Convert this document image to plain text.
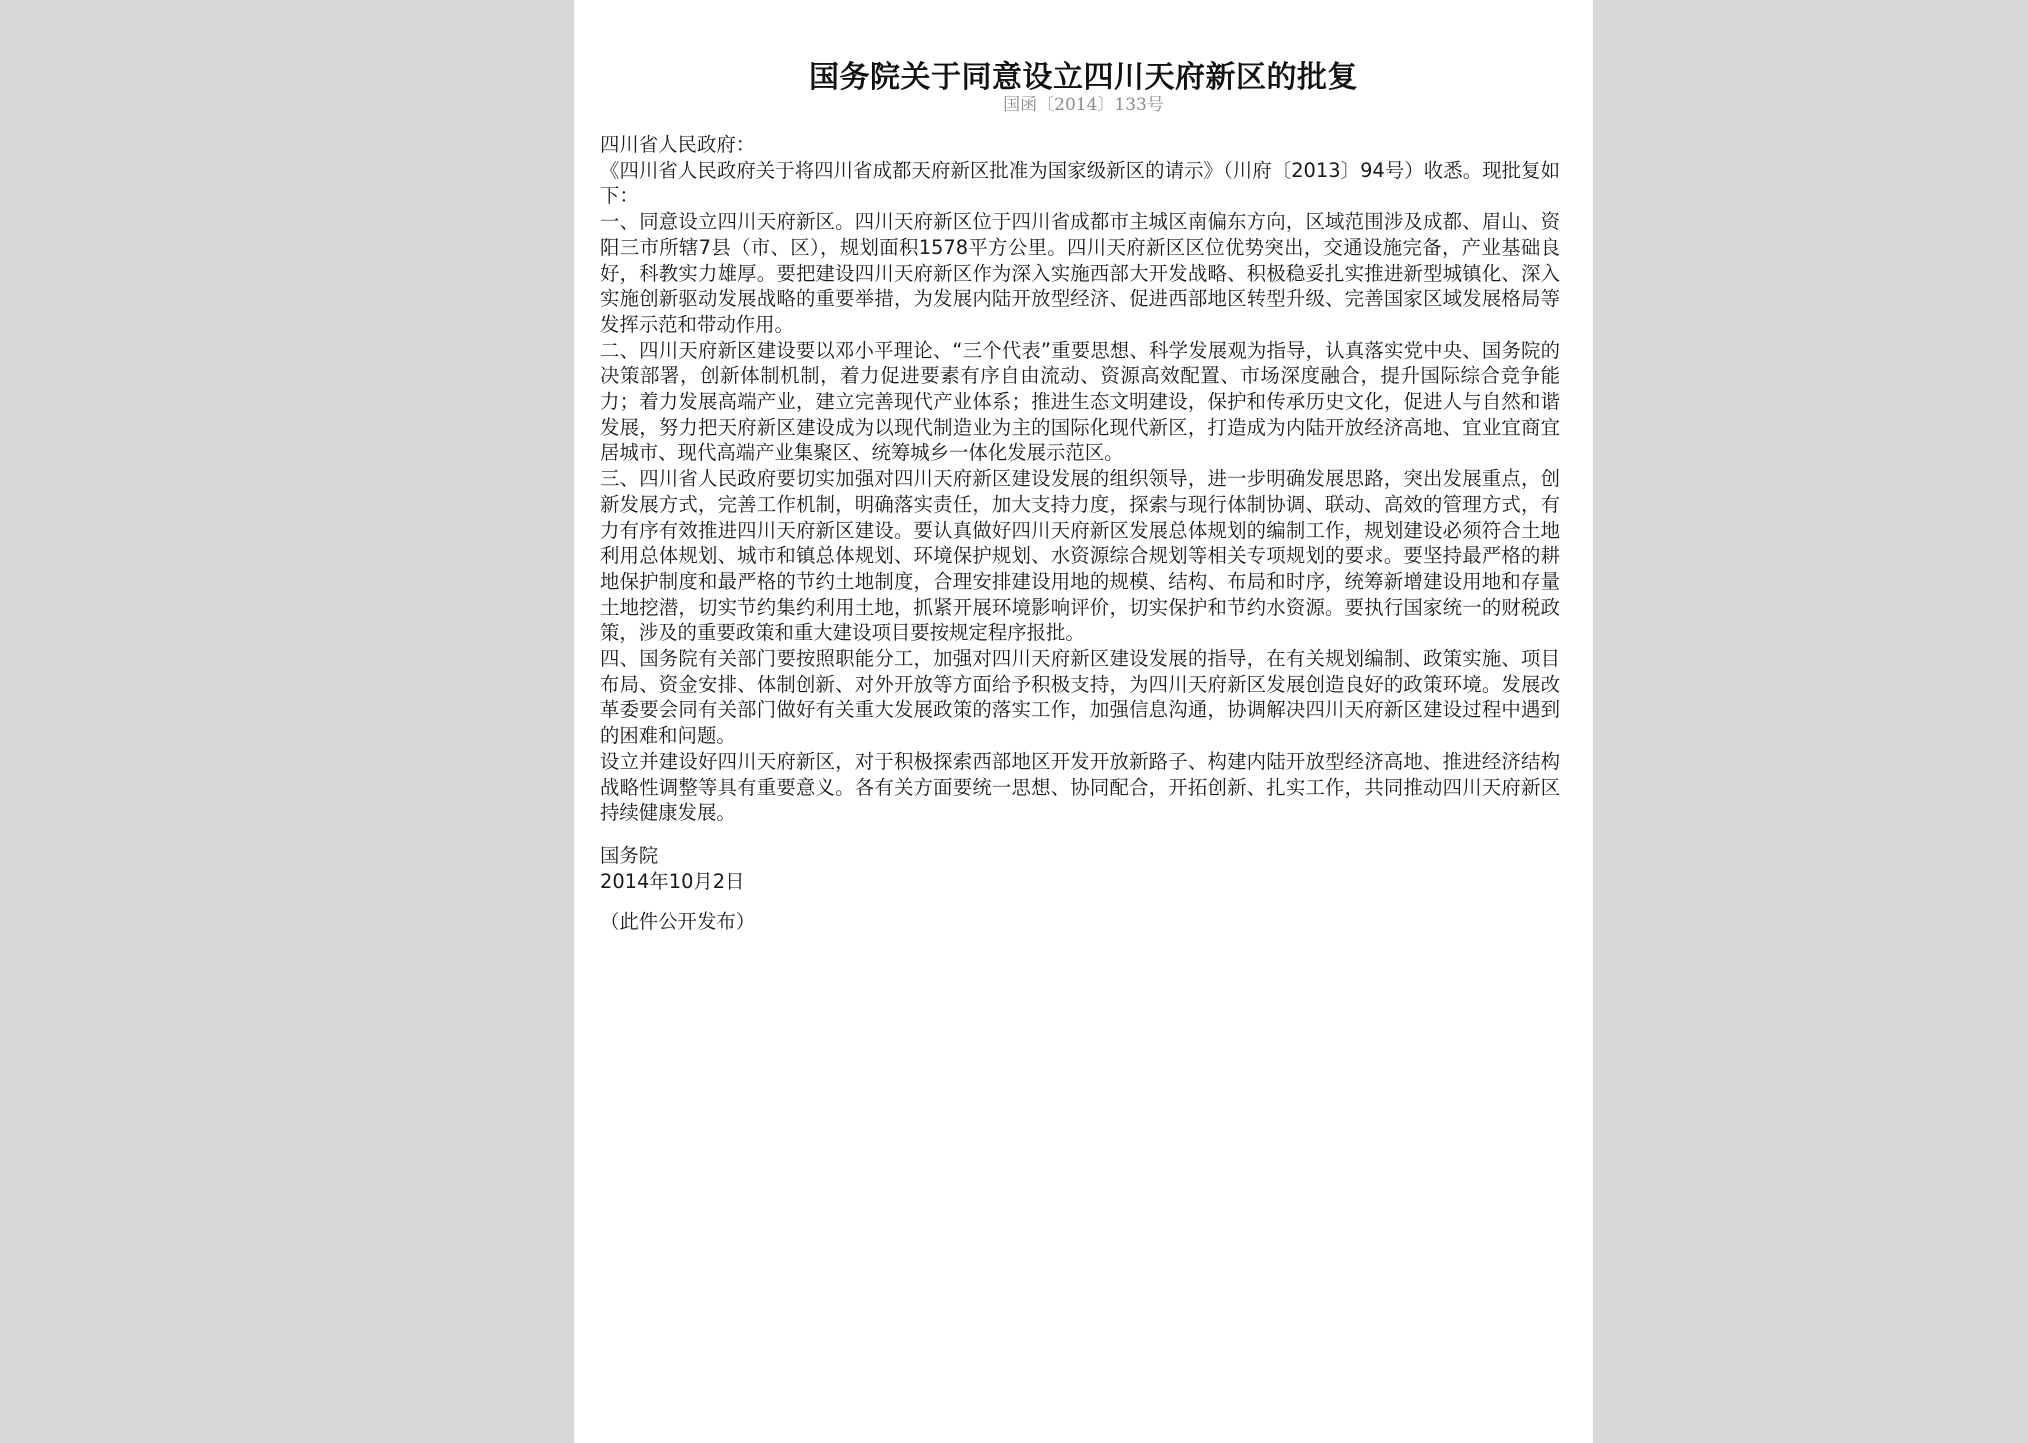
国务院关于同意设立四川天府新区的批复
国函〔2014〕133号

四川省人民政府：

《四川省人民政府关于将四川省成都天府新区批准为国家级新区的请示》（川府〔2013〕94号）收悉。现批复如下：

一、同意设立四川天府新区。四川天府新区位于四川省成都市主城区南偏东方向，区域范围涉及成都、眉山、资阳三市所辖7县（市、区），规划面积1578平方公里。四川天府新区区位优势突出，交通设施完备，产业基础良好，科教实力雄厚。要把建设四川天府新区作为深入实施西部大开发战略、积极稳妥扎实推进新型城镇化、深入实施创新驱动发展战略的重要举措，为发展内陆开放型经济、促进西部地区转型升级、完善国家区域发展格局等发挥示范和带动作用。

二、四川天府新区建设要以邓小平理论、“三个代表”重要思想、科学发展观为指导，认真落实党中央、国务院的决策部署，创新体制机制，着力促进要素有序自由流动、资源高效配置、市场深度融合，提升国际综合竞争能力；着力发展高端产业，建立完善现代产业体系；推进生态文明建设，保护和传承历史文化，促进人与自然和谐发展，努力把天府新区建设成为以现代制造业为主的国际化现代新区，打造成为内陆开放经济高地、宜业宜商宜居城市、现代高端产业集聚区、统筹城乡一体化发展示范区。

三、四川省人民政府要切实加强对四川天府新区建设发展的组织领导，进一步明确发展思路，突出发展重点，创新发展方式，完善工作机制，明确落实责任，加大支持力度，探索与现行体制协调、联动、高效的管理方式，有力有序有效推进四川天府新区建设。要认真做好四川天府新区发展总体规划的编制工作，规划建设必须符合土地利用总体规划、城市和镇总体规划、环境保护规划、水资源综合规划等相关专项规划的要求。要坚持最严格的耕地保护制度和最严格的节约土地制度，合理安排建设用地的规模、结构、布局和时序，统筹新增建设用地和存量土地挖潜，切实节约集约利用土地，抓紧开展环境影响评价，切实保护和节约水资源。要执行国家统一的财税政策，涉及的重要政策和重大建设项目要按规定程序报批。

四、国务院有关部门要按照职能分工，加强对四川天府新区建设发展的指导，在有关规划编制、政策实施、项目布局、资金安排、体制创新、对外开放等方面给予积极支持，为四川天府新区发展创造良好的政策环境。发展改革委要会同有关部门做好有关重大发展政策的落实工作，加强信息沟通，协调解决四川天府新区建设过程中遇到的困难和问题。

设立并建设好四川天府新区，对于积极探索西部地区开发开放新路子、构建内陆开放型经济高地、推进经济结构战略性调整等具有重要意义。各有关方面要统一思想、协同配合，开拓创新、扎实工作，共同推动四川天府新区持续健康发展。

国务院

2014年10月2日

（此件公开发布）
